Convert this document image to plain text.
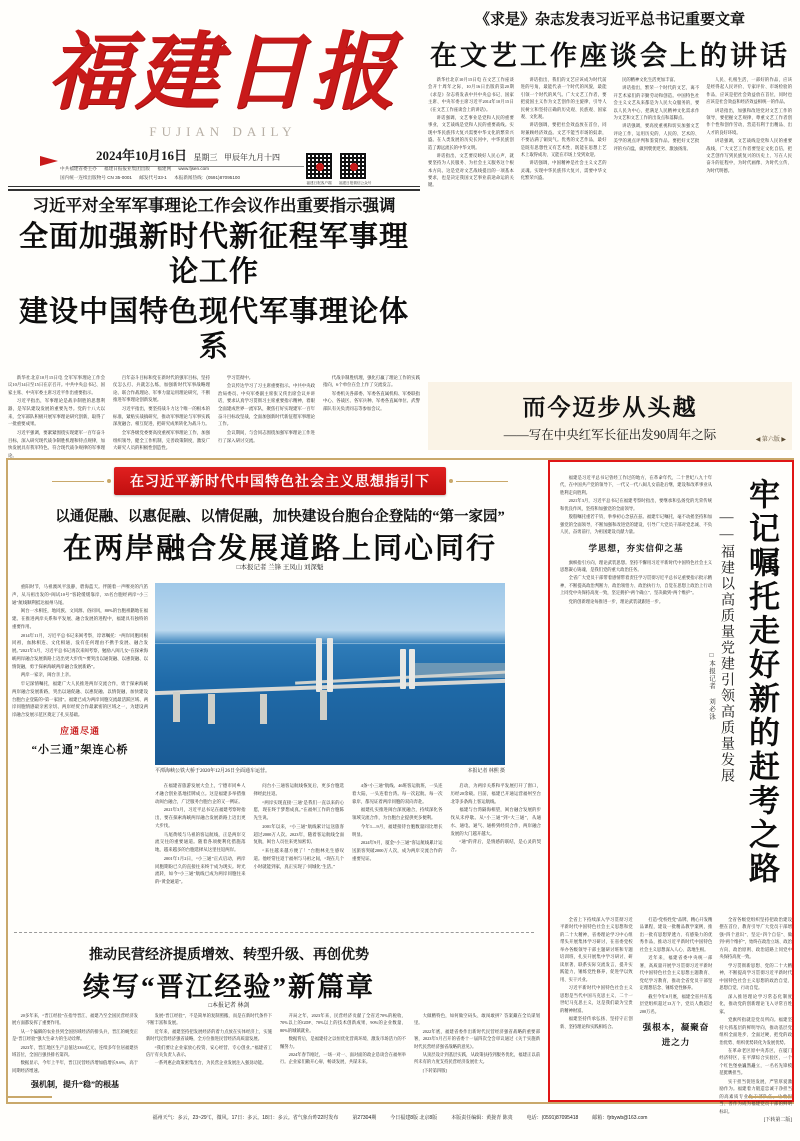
福建日报
FUJIAN DAILY
2024年10月16日 星期三 甲辰年九月十四
中共福建省委主办 福建日报报业集团出版 福建网 www.fjsen.com
国内统一连续出版物号 CN 35-0001 邮发代号33-1 本报新闻热线：(0591)87095100
福建日报客户端	福建日报微信公众号
《求是》杂志发表习近平总书记重要文章
在文艺工作座谈会上的讲话

新华社北京10月15日电 在文艺工作座谈会开十周年之际，10月16日出版的第20期《求是》杂志将发表中共中央总书记、国家主席、中央军委主席习近平2014年10月15日《在文艺工作座谈会上的讲话》。

讲话强调，文艺事业是党和人民的重要事业，文艺战线是党和人民的重要战线。实现中华民族伟大复兴需要中华文化的繁荣兴盛。在人类发展的历史长河中，中华民族创造了源远流长的中华文明。

讲话指出，文艺要反映好人民心声，就要坚持为人民服务、为社会主义服务这个根本方向。这是党对文艺战线提出的一项基本要求，也是决定我国文艺事业前途命运的关键。

讲话指出，我们的文艺应该成为时代前进的号角，最能代表一个时代的风貌，最能引领一个时代的风气。广大文艺工作者，要把爱国主义作为文艺创作的主旋律，引导人民树立和坚持正确的历史观、民族观、国家观、文化观。

讲话强调，要把社会效益放在首位，同时兼顾经济效益。文艺不能当市场的奴隶，不要沾满了铜臭气。优秀的文艺作品，最好是既有思想性又有艺术性、既能在思想上艺术上取得成功，又能在市场上受到欢迎。

讲话强调，中国精神是社会主义文艺的灵魂。实现中华民族伟大复兴，需要中华文化繁荣兴盛。

民的精神文化生活更加丰富。

讲话指出，繁荣一个时代的文艺，离不开艺术家们的辛勤劳动和创造。中国特色社会主义文艺从来都是为人民大众服务的，要以人民为中心，把满足人民精神文化需求作为文艺和文艺工作的出发点和落脚点。

讲话强调，要高度重视和切实加强文艺评论工作，运用历史的、人民的、艺术的、美学的观点评判和鉴赏作品。要把好文艺批评的方向盘，做到褒优贬劣、激浊扬清。

人民、扎根生活，一部好的作品，应该是经得起人民评价、专家评价、市场检验的作品，应该是把社会效益放在首位，同时也应该是社会效益和经济效益相统一的作品。

讲话指出，加强和改进党对文艺工作的领导，要把握文艺规律，尊重文艺工作者创作个性和创作劳动，营造有利于出精品、出人才的良好环境。

讲话强调，文艺战线是党和人民的重要战线，广大文艺工作者要坚定文化自信，把文艺创作写到民族复兴的历史上、写在人民奋斗的征程中，为时代画像、为时代立传、为时代明德。

习近平对全军军事理论工作会议作出重要指示强调
全面加强新时代新征程军事理论工作
建设中国特色现代军事理论体系

新华社北京10月15日电 全军军事理论工作会议10月14日至15日在京召开。中共中央总书记、国家主席、中央军委主席习近平作出重要指示。

习近平指出，军事理论是战争制胜的思想利器，是军队建设发展的重要先导。党的十八大以来，全军部队积极开展军事理论研究创新，取得了一批重要成果。

习近平强调，要紧紧围绕实现建军一百年奋斗目标，深入研究现代战争制胜机理和特点规律，加快发展具有我军特色、符合现代战争规律的军事理论。

百年奋斗目标和党在新时代的强军目标，坚持仗怎么打、兵就怎么练，加强新时代军事战略理论、联合作战理论、军事力量运用理论研究，不断推进军事理论创新发展。

习近平指出，要坚持战斗力这个唯一的根本的标准，紧贴实战搞研究，推动军事理论与军事实践深度融合、相互促进，把研究成果转化为战斗力。

全军各级党委要高度重视军事理论工作，加强组织领导，健全工作机制，完善政策制度，激发广大研究人员的积极性创造性。

学习贯彻中。

会议传达学习了习主席重要指示。中共中央政治局委员、中央军委副主席张又侠出席会议并讲话，要求认真学习贯彻习主席重要指示精神，着眼全面建成世界一流军队，聚焦打好实现建军一百年奋斗目标攻坚战，全面加强新时代新征程军事理论工作。

会议期间，与会同志围绕加强军事理论工作进行了深入研讨交流。

代战争制胜机理，强化打赢了理论工作的实践指向，6个单位在会上作了交流发言。

军委机关各部委、军委各直属机构、军委联指中心、各战区、各军兵种、军委各直属单位、武警部队有关负责同志等参加会议。	而今迈步从头越
——写在中央红军长征出发90周年之际	◀ 第六版 ▶
在习近平新时代中国特色社会主义思想指引下
以通促融、以惠促融、以情促融，加快建设台胞台企登陆的“第一家园”
在两岸融合发展道路上同心同行
□本报记者 兰锋 王凤山 刘深魁
平潭海峡公铁大桥于2020年12月26日全面通车运营。	本报记者 林熙 摄

重阳时节，马祖澳风平浪静，碧海蓝天。伴随着一声嘹亮的汽笛声，从马祖出发的“闽试10号”客轮缓缓靠岸，35名台胞经两岸“小三通”航线顺利抵达福州马尾。

闽台一水相连，地同族、文同源、俗同风，80%的台胞祖籍地在福建。在推进两岸关系和平发展、融合发展的进程中，福建具有独特的重要作用。

2014年11月，习近平总书记来闽考察，谆谆嘱托：“两岸同胞同根同祖，血脉相连、文化相通，没有任何理由不携手发展、融合发展。”2021年3月，习近平总书记再次来闽考察，勉励八闽儿女“在探索海峡两岸融合发展新路上迈出更大步伐”“要突出以通促融、以惠促融、以情促融，勇于探索海峡两岸融合发展新路”。

两岸一家亲，闽台亲上亲。

牢记深情嘱托，福建广大人民推进两岸交流合作，勇于探索海峡两岸融合发展新路，突出以通促融、以惠促融、以情促融，加快建设台胞台企登陆的“第一家园”。福建已成为两岸同胞交流最活跃区域、两岸同胞情感最亲密亲切、两岸经贸合作最紧密的区域之一，为建设两岸融合发展示范区奠定了扎实基础。

应通尽通
“小三通”架连心桥

在福建省旅游发展大会上，宁德市同乡人才融合创业基地挂牌成立。这是福建多举措推动闽台融合，广泛服务台胞台企的又一例证。

2021年3月，习近平总书记在福建考察时指出，要在探索海峡两岸融合发展新路上迈出更大步伐。

马尾黄岐与马祖的客运航线，正是两岸交流交往的重要通道。随着各项便利化措施落地，越来越多的台胞选择从这里往返两岸。

2001年1月2日，“小三通”正式启动，两岸同胞期盼已久的直接往来终于成为现实。时光流转，如今“小三通”航线已成为两岸同胞往来的“黄金通道”。

问台小三通客运航线恢复后，更多台胞选择经此往返。

“两岸实现直接‘三通’是我们一直以来的心愿，现在终于梦想成真。”在福州工作的台胞陈先生说。

2001年以来，“小三通”航线累计运送旅客超过2000万人次。2023年，随着客运航线全面复航，闽台人员往来更加密切。

“来往越来越方便了！”台胞林先生感叹道。他经常往返于福州与马祖之间，“现在几个小时就能到家，真正实现了‘同城化’生活。”

4条“小三通”航线、46班客运航班，一头连着大陆，一头连着台湾。每一次起航、每一次靠岸，都见证着两岸同胞的双向奔赴。

福建扎实推进闽台深度融合，持续深化各领域交流合作，为台胞台企提供更多便利。

今年1—9月，福建接待台胞数量同比增长明显。

2024年9月，厦金“小三通”客运航线累计运送旅客突破2000万人次，成为两岸交流合作的重要见证。

启动，为两岸关系和平发展打开了窗口，历经20余载。目前，福建已开通运营福州至台北等多条海上客运航线。

福建与台湾隔海相望，闽台融合发展的步伐从未停歇。从“小三通”到“大三通”，从通水、通电、通气、通桥到经贸合作，两岸融合发展的大门越开越大。

“通”的背后，是情感的联结，是心灵的契合。

推动民营经济提质增效、转型升级、再创优势
续写“晋江经验”新篇章
□本报记者 林剑

20多年来，“晋江经验”在指导晋江、福建乃至全国民营经济发展方面都发挥了重要作用。

从一个偏僻的农业县到全国县域经济的排头兵，晋江的蜕变正是“晋江经验”强大生命力的生动诠释。

2023年，晋江地区生产总值达3363亿元，连续多年位居福建县域首位，全国百强县排名第四。

数据显示，今年上半年，晋江民营经济增加值增长9.6%，高于同期经济增速。

强机制，提升“稳”的根基

发展“晋江经验”，不是简单的复制照搬，而是在新时代条件下不断丰富和发展。

近年来，福建坚持把发展经济的着力点放在实体经济上，实施新时代民营经济强省战略，全方位推进民营经济高质量发展。

“我们要让企业家放心投资、安心经营、专心创业。”福建省工信厅有关负责人表示。

一系列惠企政策密集出台，为民营企业发展注入强劲动能。

开局之年，2023年来，民营经济贡献了全省近70%的税收、70%以上的GDP、70%以上的技术创新成果、90%的企业数量、80%的城镇就业。

数据背后，是福建持之以恒优化营商环境、激发市场活力的不懈努力。

2024年春节刚过，一场一对一、面对面的政企恳谈会在福州举行。企业家们敞开心扉，畅谈发展，共谋未来。

大做精特色，如何做空码头、敢闯敢拼？答案藏在全员谋划里。

2022年底，福建省委作出新时代民营经济强省战略的重要部署，2023年5月召开的省委十一届四次全会审议通过《关于实施新时代民营经济强省战略的意见》。

从顶层设计到基层实践，从政策扶持到服务优化，福建正以前所未有的力度支持民营经济发展壮大。

[下转第四版]

福建是习近平总书记曾经工作过的地方，在革命年代、二十世纪八九十年代，在中国共产党的领导下，一代又一代八闽儿女前赴后继，建设和改革事业从胜利走向胜利。

2021年3月，习近平总书记在福建考察时指出，要继承和弘扬党的光荣传统和优良作风，坚持和加强党的全面领导。

殷殷嘱托重若千钧，拳拳初心念兹在兹。福建牢记嘱托，毫不动摇坚持和加强党的全面领导，不断加强和改进党的建设，引导广大党员干部对党忠诚、不负人民，奋勇前行，为祖国建设贡献力量。

学思想，夯实信仰之基

旗帜指引方向，理论武装思想。坚持不懈用习近平新时代中国特色社会主义思想凝心铸魂，是我们党的重大政治任务。

全省广大党员干部带着感情带着责任学习贯彻习近平总书记重要指示批示精神，不断提高政治判断力、政治领悟力、政治执行力，自觉在思想上政治上行动上同党中央保持高度一致，坚定拥护“两个确立”、坚决做到“两个维护”。

党的创新理论每推进一步，理论武装就跟进一步。	牢记嘱托走好新的赶考之路
——福建以高质量党建引领高质量发展
□本报记者 刘必泳

全省上下持续深入学习贯彻习近平新时代中国特色社会主义思想和党的二十大精神，省委理论学习中心组带头开展集体学习研讨，在省委党校举办各级领导干部主题研讨班和专题培训班，扎实开展集中学习研讨、研读原著、联系实际交流发言，提升实践能力，锤炼党性修养，促进学以致用、实干兴业。

习近平新时代中国特色社会主义思想是当代中国马克思主义、二十一世纪马克思主义，这是我们最为宝贵的精神财富。

福建坚持传承弘扬、坚持守正创新、坚持理论和实践相结合。

打造“党校姓党”品牌，精心开发精品课程，建设一批精品教学案例，推出一批有思想穿透力、有感染力的优秀作品，推动习近平新时代中国特色社会主义思想深入人心、落地生根。

近年来，福建省委中央统一部署，高质量开展学习贯彻习近平新时代中国特色社会主义思想主题教育、党纪学习教育，推动全省党员干部坚定理想信念、锤炼党性修养。

截至今年8月底，福建全省共有基层党组织超过13万个，党员人数超过200万名。

强根本，凝聚奋进之力

全省各级党组织坚持把政治建设摆在首位，教育引导广大党员干部增强“四个意识”、坚定“四个自信”、做到“两个维护”，始终在政治立场、政治方向、政治原则、政治道路上同党中央保持高度一致。

学习贯彻新思想、党的二十大精神，不断提高学习贯彻习近平新时代中国特色社会主义思想的政治自觉、思想自觉、行动自觉。

深入推进理论学习常态化制度化，推动党的创新理论飞入寻常百姓家。

党旗所指就是党员所向。福建坚持大抓基层的鲜明导向，推动基层党组织全面进步、全面过硬，把党的政治优势、组织优势转化为发展优势。

在革命老区原中央苏区，在厦门经济特区，在平潭综合实验区，一个个红色堡垒巍然矗立，一名名先锋模范挺膺担当。

实干担当促进发展，严管厚爱激励作为。福建着力锻造忠诚干净担当的高素质专业化干部队伍，让敢担当、善作为成为福建党员干部的鲜明标识。

[下转第二版]
福州天气：多云，23~29℃，微风。17日：多云。18日：多云。省气象台昨22时发布	第27304期	今日福建8版 北京8版	本版责任编辑：黄拢青 陈夷	电话：(0591)87095418	邮箱：fjrbywb@163.com
